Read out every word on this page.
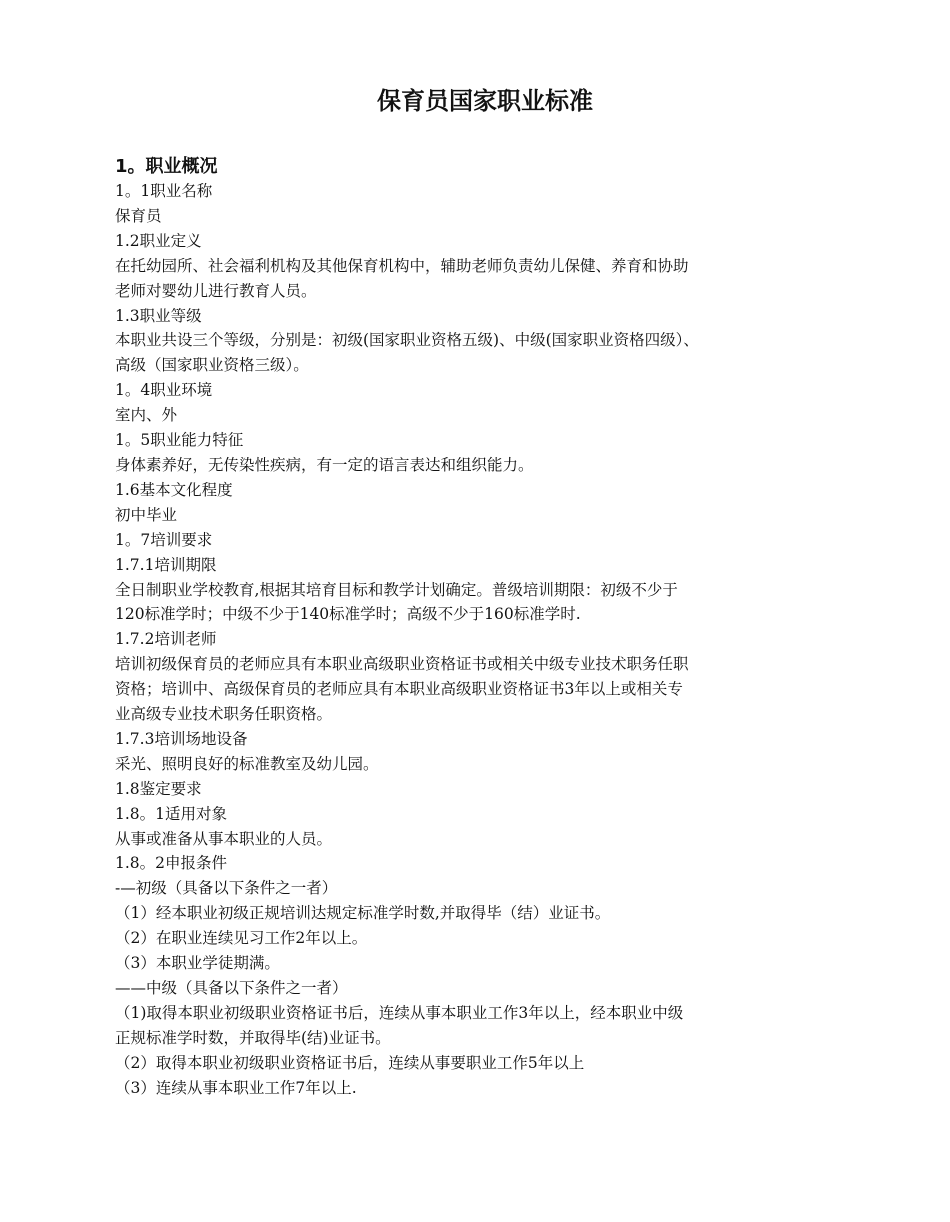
保育员国家职业标准
1。职业概况
1。1职业名称
保育员
1.2职业定义
在托幼园所、社会福利机构及其他保育机构中，辅助老师负责幼儿保健、养育和协助
老师对婴幼儿进行教育人员。
1.3职业等级
本职业共设三个等级，分别是：初级(国家职业资格五级)、中级(国家职业资格四级）、
高级（国家职业资格三级）。
1。4职业环境
室内、外
1。5职业能力特征
身体素养好，无传染性疾病，有一定的语言表达和组织能力。
1.6基本文化程度
初中毕业
1。7培训要求
1.7.1培训期限
全日制职业学校教育,根据其培育目标和教学计划确定。普级培训期限：初级不少于
120标准学时；中级不少于140标准学时；高级不少于160标准学时.
1.7.2培训老师
培训初级保育员的老师应具有本职业高级职业资格证书或相关中级专业技术职务任职
资格；培训中、高级保育员的老师应具有本职业高级职业资格证书3年以上或相关专
业高级专业技术职务任职资格。
1.7.3培训场地设备
采光、照明良好的标准教室及幼儿园。
1.8鉴定要求
1.8。1适用对象
从事或准备从事本职业的人员。
1.8。2申报条件
-—初级（具备以下条件之一者）
（1）经本职业初级正规培训达规定标准学时数,并取得毕（结）业证书。
（2）在职业连续见习工作2年以上。
（3）本职业学徒期满。
——中级（具备以下条件之一者）
（1)取得本职业初级职业资格证书后，连续从事本职业工作3年以上，经本职业中级
正规标准学时数，并取得毕(结)业证书。
（2）取得本职业初级职业资格证书后，连续从事要职业工作5年以上
（3）连续从事本职业工作7年以上.
